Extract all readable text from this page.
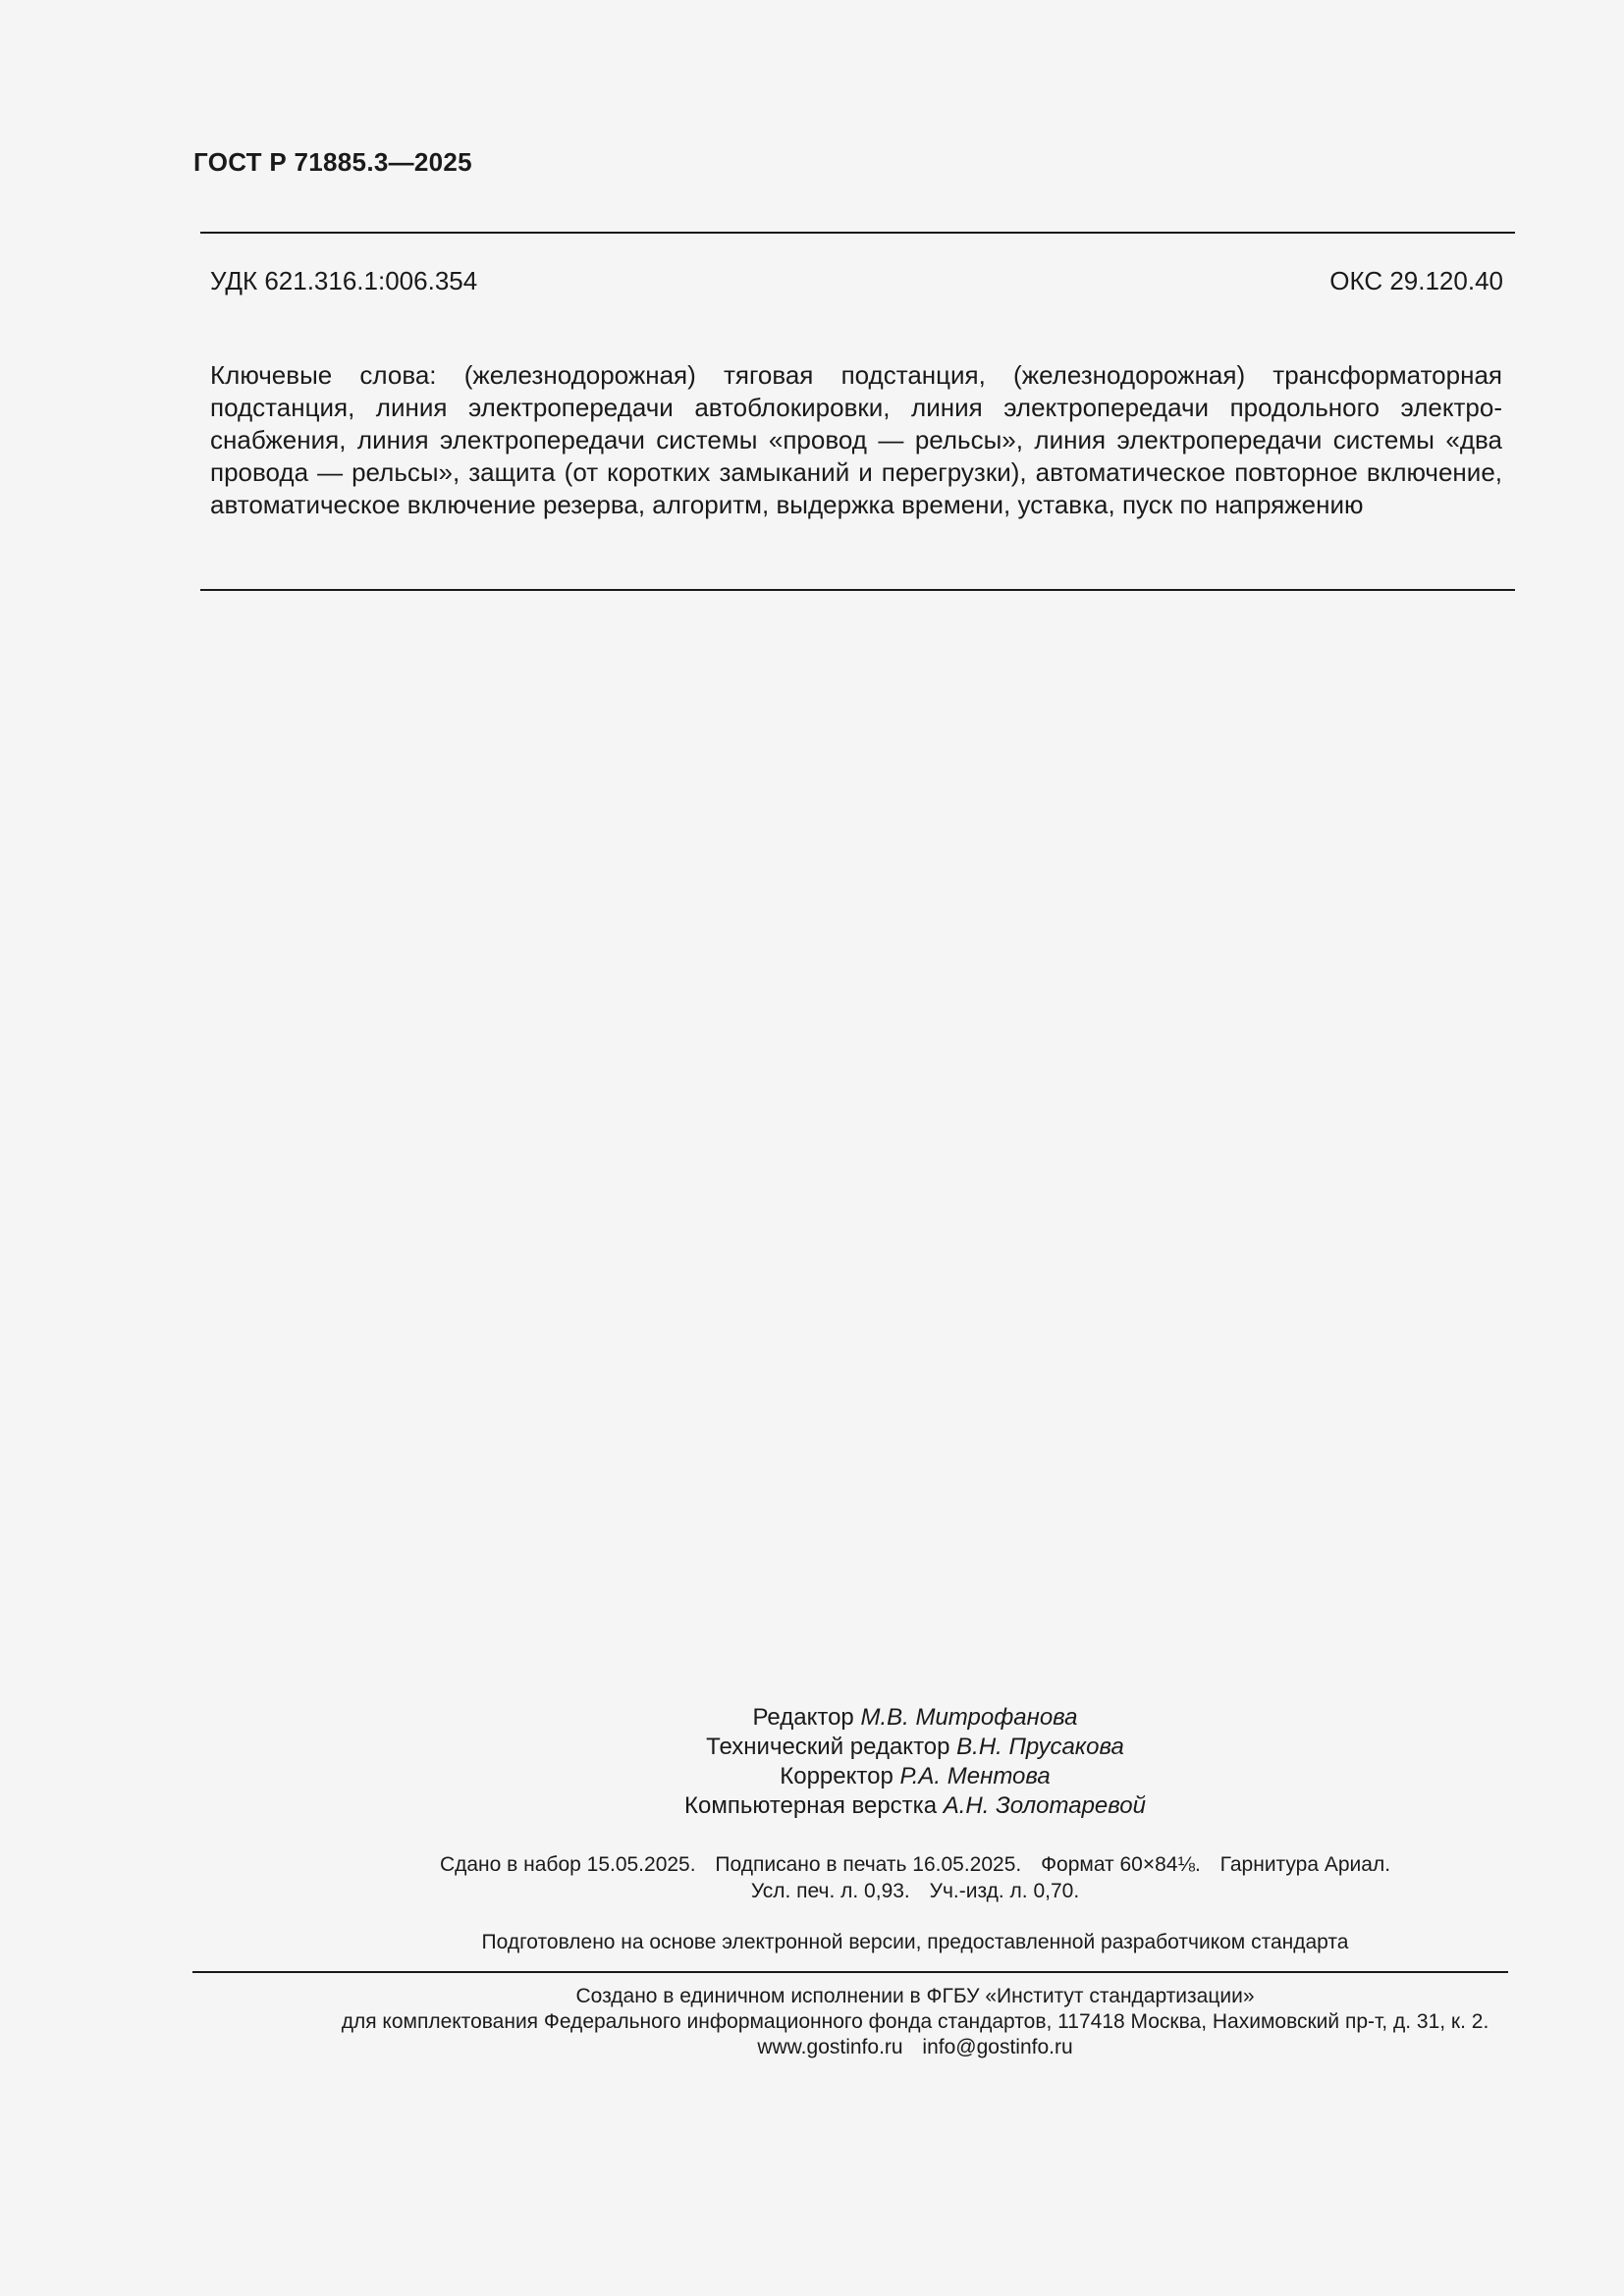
ГОСТ Р 71885.3—2025
УДК 621.316.1:006.354	ОКС 29.120.40
Ключевые слова: (железнодорожная) тяговая подстанция, (железнодорожная) трансформаторная подстанция, линия электропередачи автоблокировки, линия электропередачи продольного электроснабжения, линия электропередачи системы «провод — рельсы», линия электропередачи системы «два провода — рельсы», защита (от коротких замыканий и перегрузки), автоматическое повторное включение, автоматическое включение резерва, алгоритм, выдержка времени, уставка, пуск по напряжению
Редактор М.В. Митрофанова
Технический редактор В.Н. Прусакова
Корректор Р.А. Ментова
Компьютерная верстка А.Н. Золотаревой
Сдано в набор 15.05.2025. Подписано в печать 16.05.2025. Формат 60×84⅛. Гарнитура Ариал.
Усл. печ. л. 0,93. Уч.-изд. л. 0,70.
Подготовлено на основе электронной версии, предоставленной разработчиком стандарта
Создано в единичном исполнении в ФГБУ «Институт стандартизации»
для комплектования Федерального информационного фонда стандартов, 117418 Москва, Нахимовский пр-т, д. 31, к. 2.
www.gostinfo.ru info@gostinfo.ru
